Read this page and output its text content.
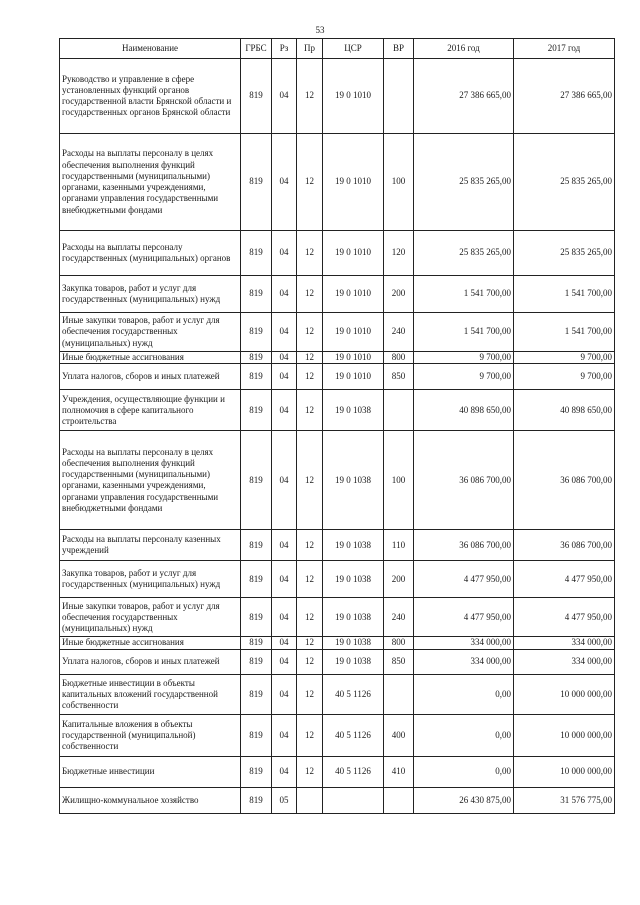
53
Наименование	ГРБС	Рз	Пр	ЦСР	ВР	2016 год	2017 год
Руководство и управление в сфере установленных функций органов государственной власти Брянской области и государственных органов Брянской области	819	04	12	19 0 1010		27 386 665,00	27 386 665,00
Расходы на выплаты персоналу в целях обеспечения выполнения функций государственными (муниципальными) органами, казенными учреждениями, органами управления государственными внебюджетными фондами	819	04	12	19 0 1010	100	25 835 265,00	25 835 265,00
Расходы на выплаты персоналу государственных (муниципальных) органов	819	04	12	19 0 1010	120	25 835 265,00	25 835 265,00
Закупка товаров, работ и услуг для государственных (муниципальных) нужд	819	04	12	19 0 1010	200	1 541 700,00	1 541 700,00
Иные закупки товаров, работ и услуг для обеспечения государственных (муниципальных) нужд	819	04	12	19 0 1010	240	1 541 700,00	1 541 700,00
Иные бюджетные ассигнования	819	04	12	19 0 1010	800	9 700,00	9 700,00
Уплата налогов, сборов и иных платежей	819	04	12	19 0 1010	850	9 700,00	9 700,00
Учреждения, осуществляющие функции и полномочия в сфере капитального строительства	819	04	12	19 0 1038		40 898 650,00	40 898 650,00
Расходы на выплаты персоналу в целях обеспечения выполнения функций государственными (муниципальными) органами, казенными учреждениями, органами управления государственными внебюджетными фондами	819	04	12	19 0 1038	100	36 086 700,00	36 086 700,00
Расходы на выплаты персоналу казенных учреждений	819	04	12	19 0 1038	110	36 086 700,00	36 086 700,00
Закупка товаров, работ и услуг для государственных (муниципальных) нужд	819	04	12	19 0 1038	200	4 477 950,00	4 477 950,00
Иные закупки товаров, работ и услуг для обеспечения государственных (муниципальных) нужд	819	04	12	19 0 1038	240	4 477 950,00	4 477 950,00
Иные бюджетные ассигнования	819	04	12	19 0 1038	800	334 000,00	334 000,00
Уплата налогов, сборов и иных платежей	819	04	12	19 0 1038	850	334 000,00	334 000,00
Бюджетные инвестиции в объекты капитальных вложений государственной собственности	819	04	12	40 5 1126		0,00	10 000 000,00
Капитальные вложения в объекты государственной (муниципальной) собственности	819	04	12	40 5 1126	400	0,00	10 000 000,00
Бюджетные инвестиции	819	04	12	40 5 1126	410	0,00	10 000 000,00
Жилищно-коммунальное хозяйство	819	05				26 430 875,00	31 576 775,00
